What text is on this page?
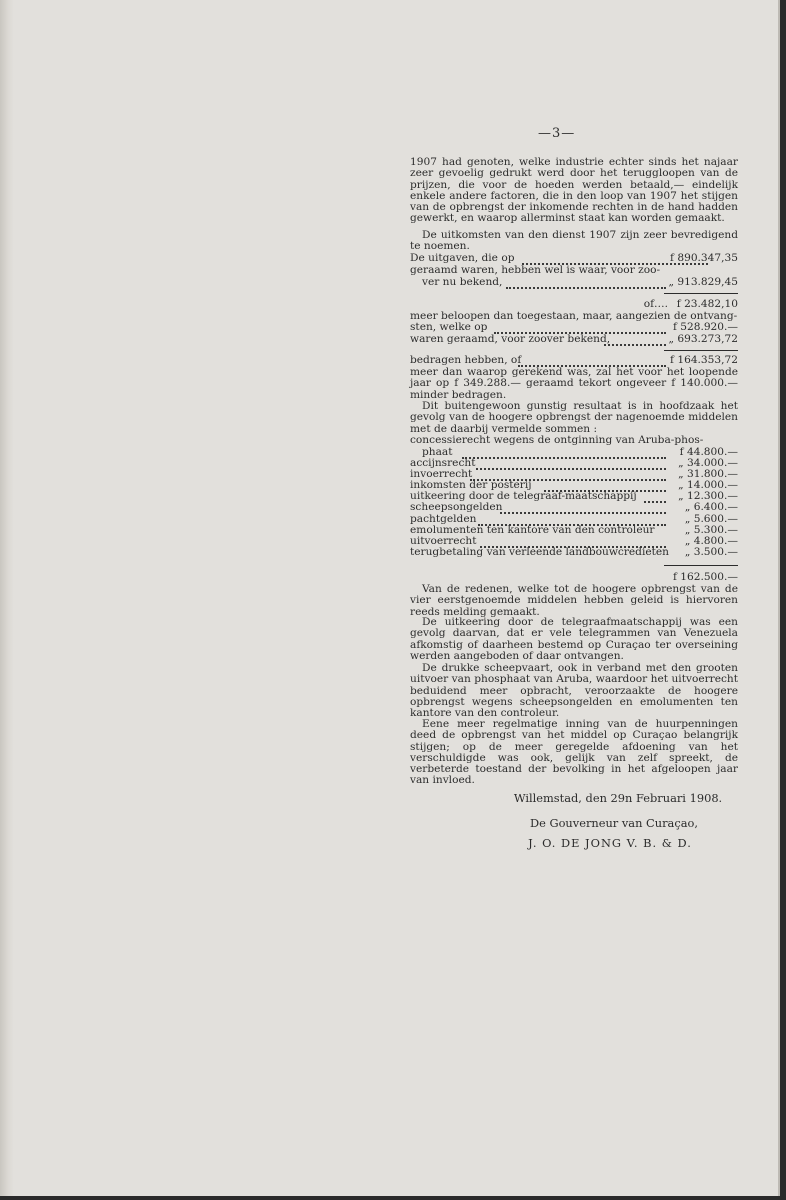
—3—
1907 had genoten, welke industrie echter sinds het najaar zeer gevoelig gedrukt werd door het teruggloopen van de prijzen, die voor de hoeden werden betaald,— eindelijk enkele andere factoren, die in den loop van 1907 het stijgen van de opbrengst der inkomende rechten in de hand hadden gewerkt, en waarop allerminst staat kan worden gemaakt.
De uitkomsten van den dienst 1907 zijn zeer bevredigend te noemen.
De uitgaven, die op	f 890.347,35
geraamd waren, hebben wel is waar, voor zoo-
ver nu bekend,	„ 913.829,45
of…. f 23.482,10
meer beloopen dan toegestaan, maar, aangezien de ontvang-
sten, welke op	f 528.920.—
waren geraamd, voor zoover bekend,	„ 693.273,72
bedragen hebben, of	f 164.353,72
meer dan waarop gerekend was, zal het voor het loopende jaar op f 349.288.— geraamd tekort ongeveer f 140.000.— minder bedragen.
Dit buitengewoon gunstig resultaat is in hoofdzaak het gevolg van de hoogere opbrengst der nagenoemde middelen met de daarbij vermelde sommen :
concessierecht wegens de ontginning van Aruba-phos-
phaat	f 44.800.—
accijnsrecht	„ 34.000.—
invoerrecht	„ 31.800.—
inkomsten der posterij	„ 14.000.—
uitkeering door de telegraaf-maatschappij	„ 12.300.—
scheepsongelden	„ 6.400.—
pachtgelden	„ 5.600.—
emolumenten ten kantore van den controleur	„ 5.300.—
uitvoerrecht	„ 4.800.—
terugbetaling van verleende landbouwcredieten „ 3.500.—
f 162.500.—
Van de redenen, welke tot de hoogere opbrengst van de vier eerstgenoemde middelen hebben geleid is hiervoren reeds melding gemaakt.
De uitkeering door de telegraafmaatschappij was een gevolg daarvan, dat er vele telegrammen van Venezuela afkomstig of daarheen bestemd op Curaçao ter overseining werden aangeboden of daar ontvangen.
De drukke scheepvaart, ook in verband met den grooten uitvoer van phosphaat van Aruba, waardoor het uitvoerrecht beduidend meer opbracht, veroorzaakte de hoogere opbrengst wegens scheepsongelden en emolumenten ten kantore van den controleur.
Eene meer regelmatige inning van de huurpenningen deed de opbrengst van het middel op Curaçao belangrijk stijgen; op de meer geregelde afdoening van het verschuldigde was ook, gelijk van zelf spreekt, de verbeterde toestand der bevolking in het afgeloopen jaar van invloed.
Willemstad, den 29n Februari 1908.
De Gouverneur van Curaçao,
J. O. DE JONG V. B. & D.
